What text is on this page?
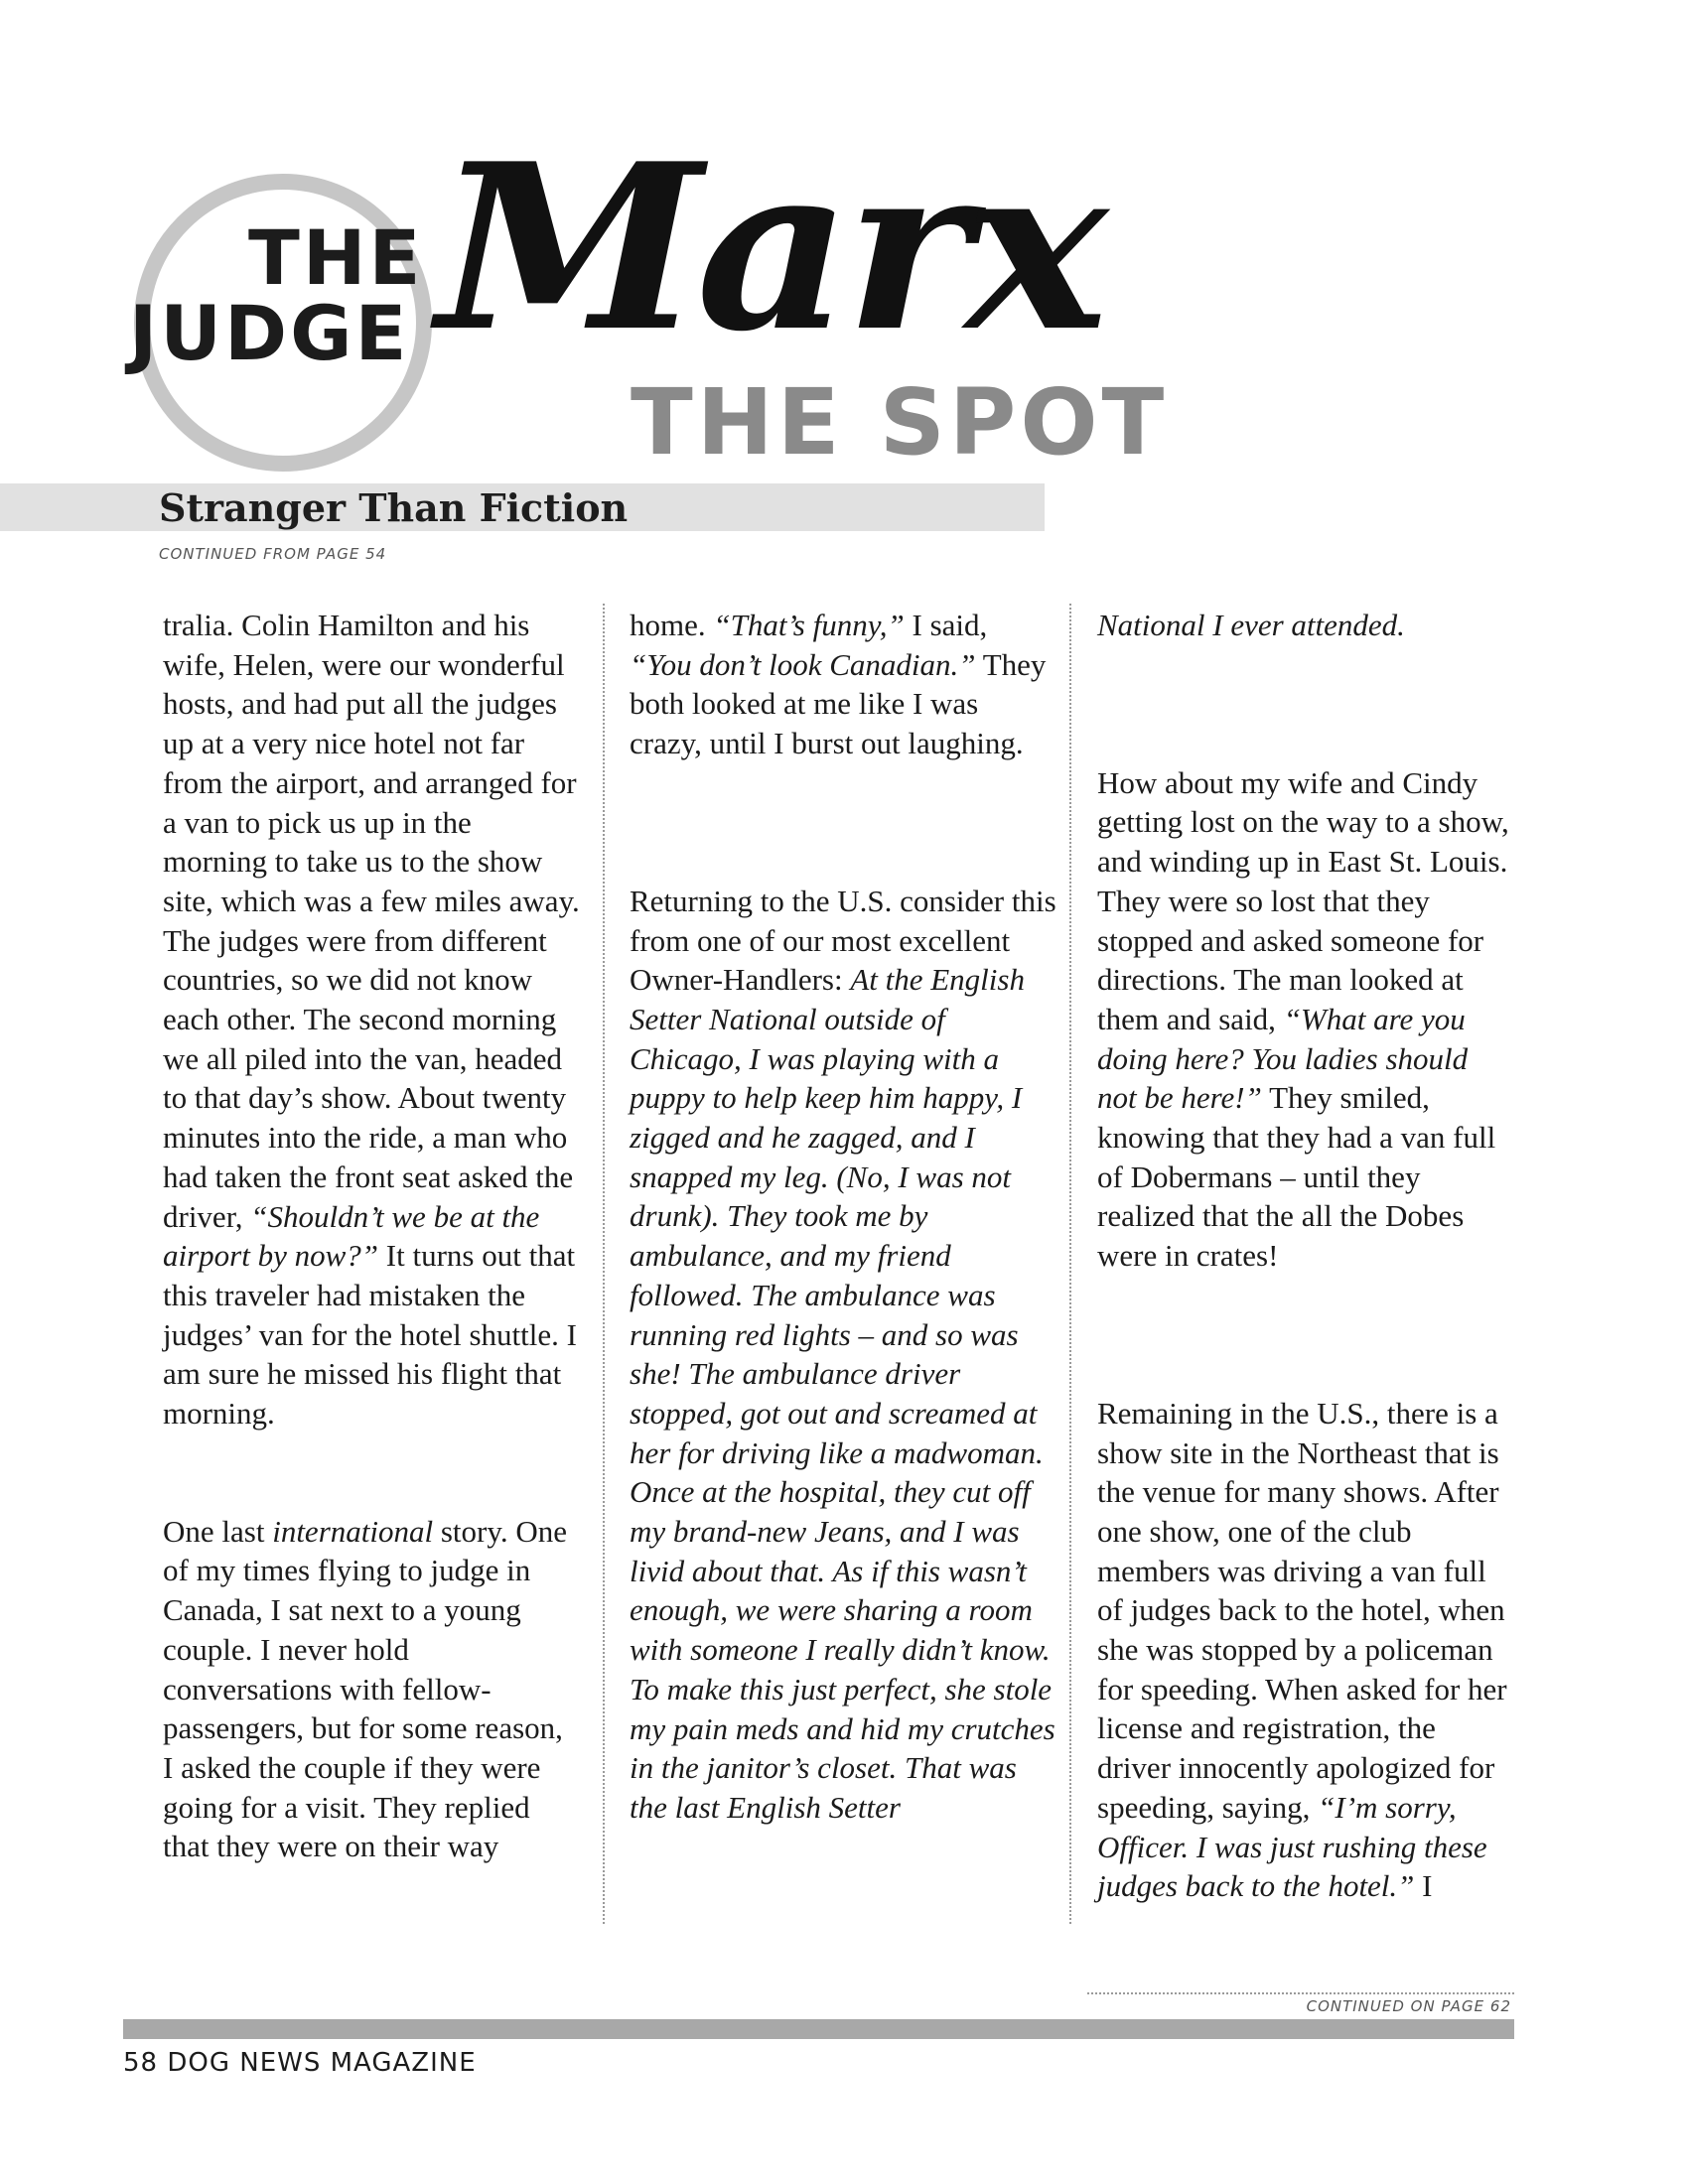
THE
JUDGE Marx
THE SPOT
Stranger Than Fiction
CONTINUED FROM PAGE 54

tralia. Colin Hamilton and his wife, Helen, were our wonderful hosts, and had put all the judges up at a very nice hotel not far from the airport, and arranged for a van to pick us up in the morning to take us to the show site, which was a few miles away. The judges were from different countries, so we did not know each other. The second morning we all piled into the van, headed to that day’s show. About twenty minutes into the ride, a man who had taken the front seat asked the driver, “Shouldn’t we be at the airport by now?” It turns out that this traveler had mistaken the judges’ van for the hotel shuttle. I am sure he missed his flight that morning.

One last international story. One of my times flying to judge in Canada, I sat next to a young couple. I never hold conversations with fellow-passengers, but for some reason, I asked the couple if they were going for a visit. They replied that they were on their way

home. “That’s funny,” I said, “You don’t look Canadian.” They both looked at me like I was crazy, until I burst out laughing.

Returning to the U.S. consider this from one of our most excellent Owner-Handlers: At the English Setter National outside of Chicago, I was playing with a puppy to help keep him happy, I zigged and he zagged, and I snapped my leg. (No, I was not drunk). They took me by ambulance, and my friend followed. The ambulance was running red lights – and so was she! The ambulance driver stopped, got out and screamed at her for driving like a madwoman. Once at the hospital, they cut off my brand-new Jeans, and I was livid about that. As if this wasn’t enough, we were sharing a room with someone I really didn’t know. To make this just perfect, she stole my pain meds and hid my crutches in the janitor’s closet. That was the last English Setter

National I ever attended.

How about my wife and Cindy getting lost on the way to a show, and winding up in East St. Louis. They were so lost that they stopped and asked someone for directions. The man looked at them and said, “What are you doing here? You ladies should not be here!” They smiled, knowing that they had a van full of Dobermans – until they realized that the all the Dobes were in crates!

Remaining in the U.S., there is a show site in the Northeast that is the venue for many shows. After one show, one of the club members was driving a van full of judges back to the hotel, when she was stopped by a policeman for speeding. When asked for her license and registration, the driver innocently apologized for speeding, saying, “I’m sorry, Officer. I was just rushing these judges back to the hotel.” I

CONTINUED ON PAGE 62
58 DOG NEWS MAGAZINE
